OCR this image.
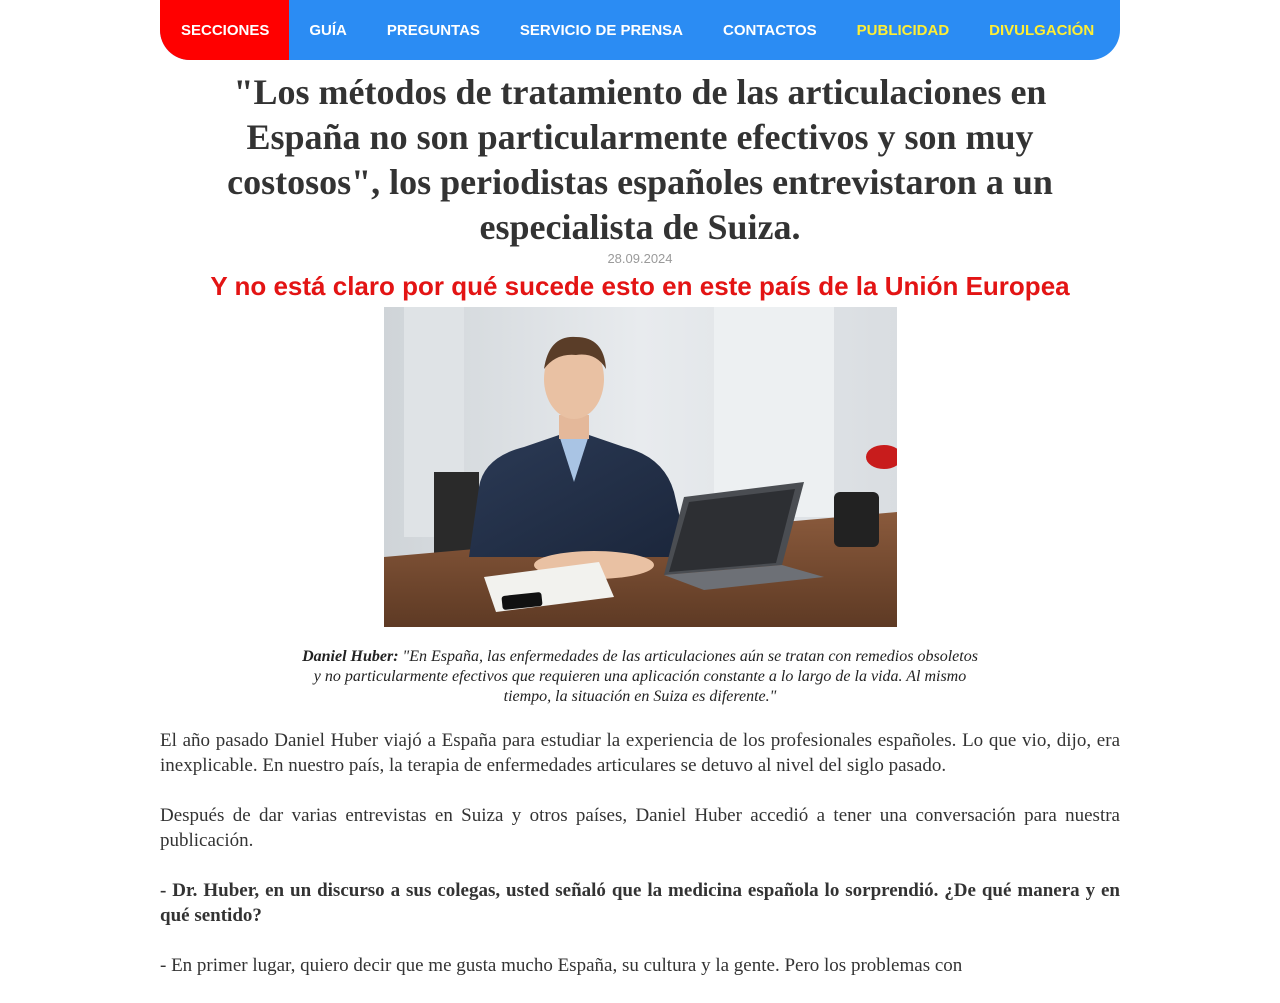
SECCIONES	GUÍA	PREGUNTAS	SERVICIO DE PRENSA	CONTACTOS	PUBLICIDAD	DIVULGACIÓN
"Los métodos de tratamiento de las articulaciones en España no son particularmente efectivos y son muy costosos", los periodistas españoles entrevistaron a un especialista de Suiza.
28.09.2024
Y no está claro por qué sucede esto en este país de la Unión Europea
Daniel Huber: "En España, las enfermedades de las articulaciones aún se tratan con remedios obsoletos y no particularmente efectivos que requieren una aplicación constante a lo largo de la vida. Al mismo tiempo, la situación en Suiza es diferente."

El año pasado Daniel Huber viajó a España para estudiar la experiencia de los profesionales españoles. Lo que vio, dijo, era inexplicable. En nuestro país, la terapia de enfermedades articulares se detuvo al nivel del siglo pasado.

Después de dar varias entrevistas en Suiza y otros países, Daniel Huber accedió a tener una conversación para nuestra publicación.

- Dr. Huber, en un discurso a sus colegas, usted señaló que la medicina española lo sorprendió. ¿De qué manera y en qué sentido?

- En primer lugar, quiero decir que me gusta mucho España, su cultura y la gente. Pero los problemas con
